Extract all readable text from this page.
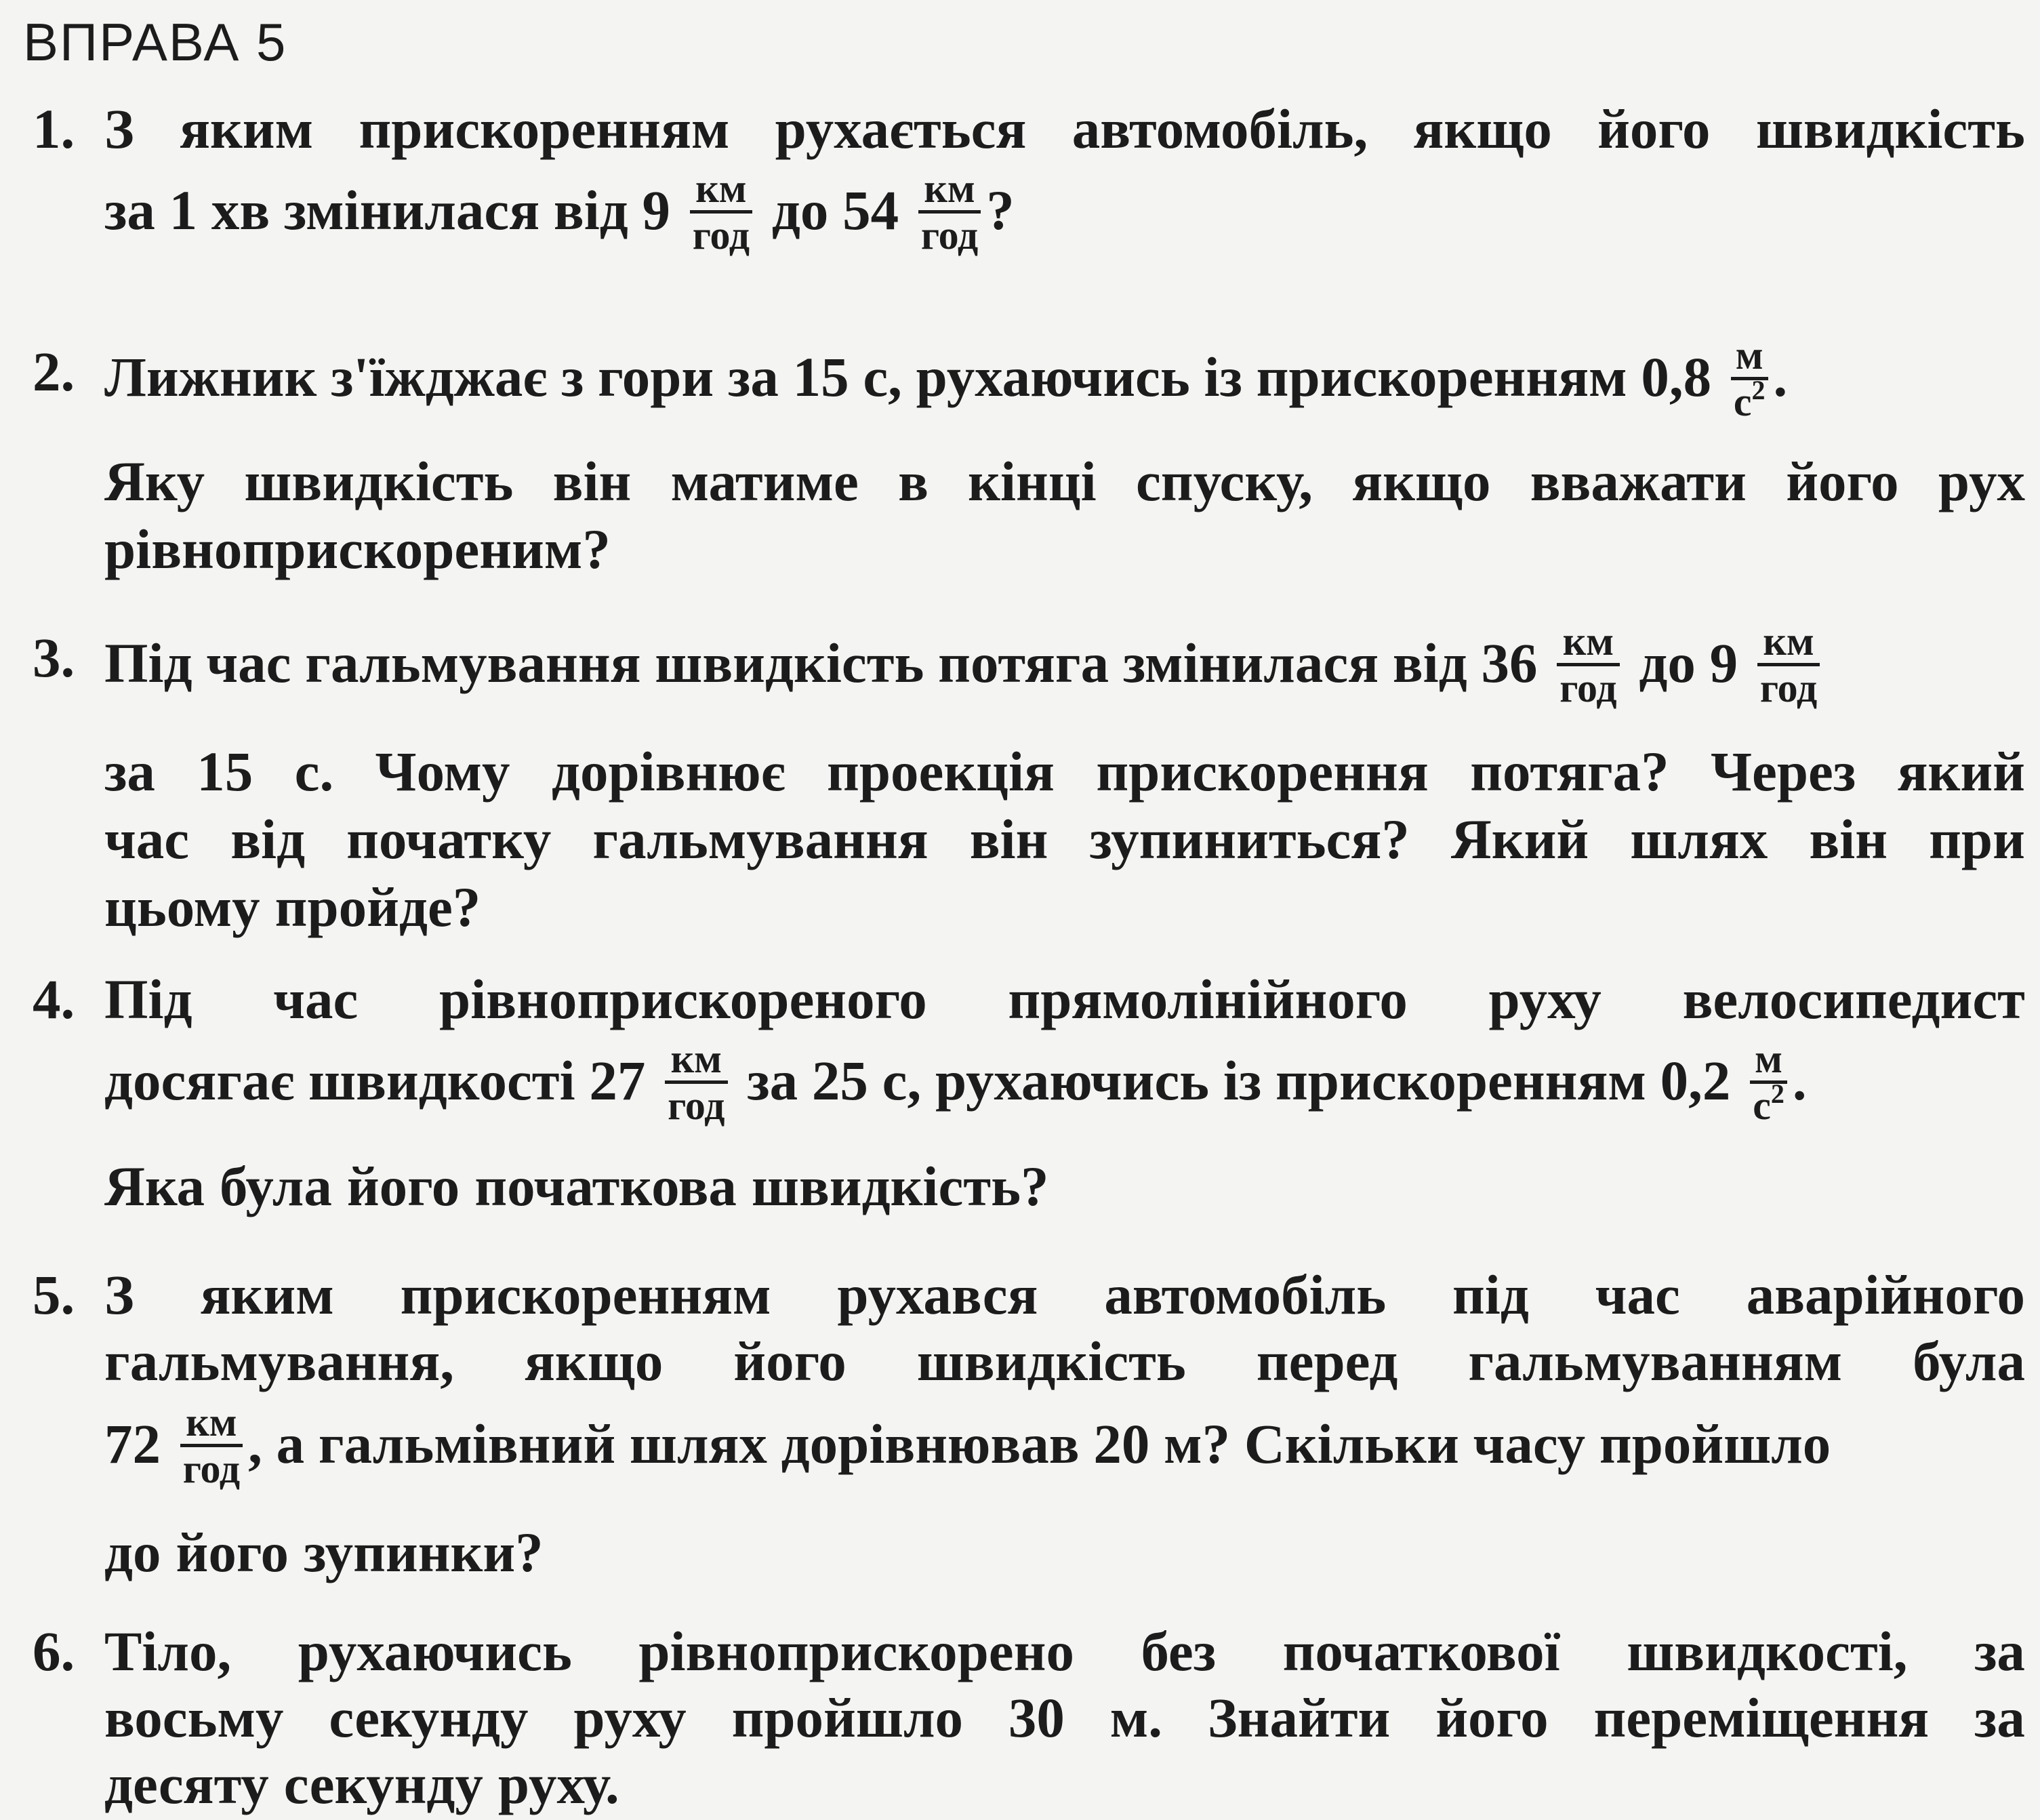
ВПРАВА 5
1. З яким прискоренням рухається автомобіль, якщо його швидкість
за 1 хв змінилася від $9 \frac{км}{\text{год}}$ до $54 \frac{км}{\text{год}}$ ?
2. Лижник з'їжджає з гори за 15 с, рухаючись із прискоренням $0,8 \frac{м}{с^2}$ .
Яку швидкість він матиме в кінці спуску, якщо вважати його рух
рівноприскореним?
3. Під час гальмування швидкість потяга змінилася від $36 \frac{км}{\text{год}}$ до $9 \frac{км}{\text{год}}$
за 15 с. Чому дорівнює проекція прискорення потяга? Через який
час від початку гальмування він зупиниться? Який шлях він при
цьому пройде?
4. Під час рівноприскореного прямолінійного руху велосипедист
досягає швидкості $27 \frac{км}{\text{год}}$ за 25 с, рухаючись із прискоренням $0,2 \frac{м}{с^2}$ .
Яка була його початкова швидкість?
5. З яким прискоренням рухався автомобіль під час аварійного
гальмування, якщо його швидкість перед гальмуванням була
$72 \frac{км}{\text{год}}$ , а гальмівний шлях дорівнював 20 м? Скільки часу пройшло
до його зупинки?
6. Тіло, рухаючись рівноприскорено без початкової швидкості, за
восьму секунду руху пройшло 30 м. Знайти його переміщення за
десяту секунду руху.
